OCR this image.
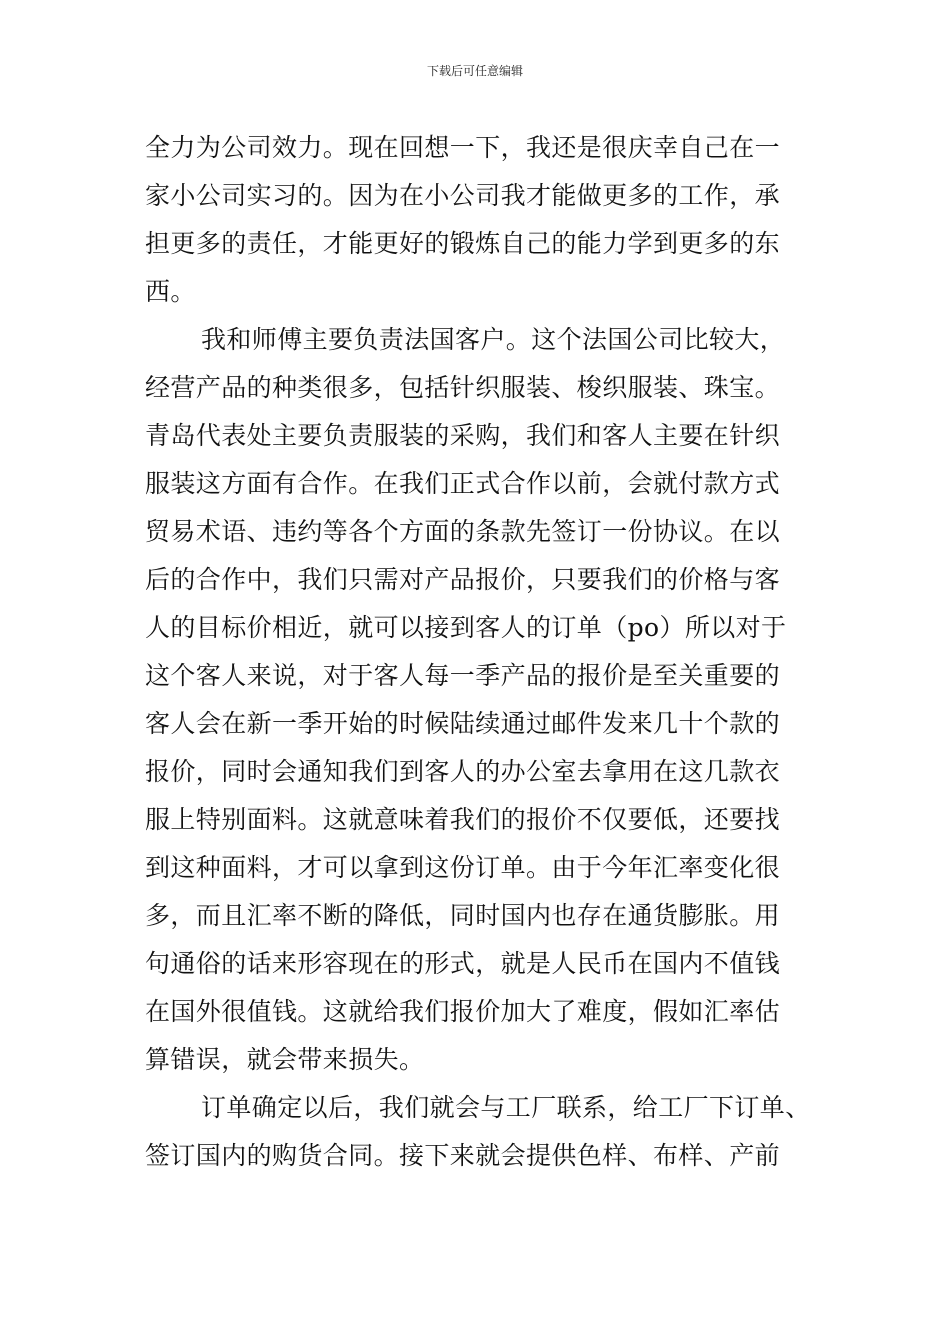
下载后可任意编辑
全力为公司效力。现在回想一下，我还是很庆幸自己在一
家小公司实习的。因为在小公司我才能做更多的工作，承
担更多的责任，才能更好的锻炼自己的能力学到更多的东
西。
我和师傅主要负责法国客户。这个法国公司比较大，
经营产品的种类很多，包括针织服装、梭织服装、珠宝。
青岛代表处主要负责服装的采购，我们和客人主要在针织
服装这方面有合作。在我们正式合作以前，会就付款方式
贸易术语、违约等各个方面的条款先签订一份协议。在以
后的合作中，我们只需对产品报价，只要我们的价格与客
人的目标价相近，就可以接到客人的订单（po）所以对于
这个客人来说，对于客人每一季产品的报价是至关重要的
客人会在新一季开始的时候陆续通过邮件发来几十个款的
报价，同时会通知我们到客人的办公室去拿用在这几款衣
服上特别面料。这就意味着我们的报价不仅要低，还要找
到这种面料，才可以拿到这份订单。由于今年汇率变化很
多，而且汇率不断的降低，同时国内也存在通货膨胀。用
句通俗的话来形容现在的形式，就是人民币在国内不值钱
在国外很值钱。这就给我们报价加大了难度，假如汇率估
算错误，就会带来损失。
订单确定以后，我们就会与工厂联系，给工厂下订单、
签订国内的购货合同。接下来就会提供色样、布样、产前
